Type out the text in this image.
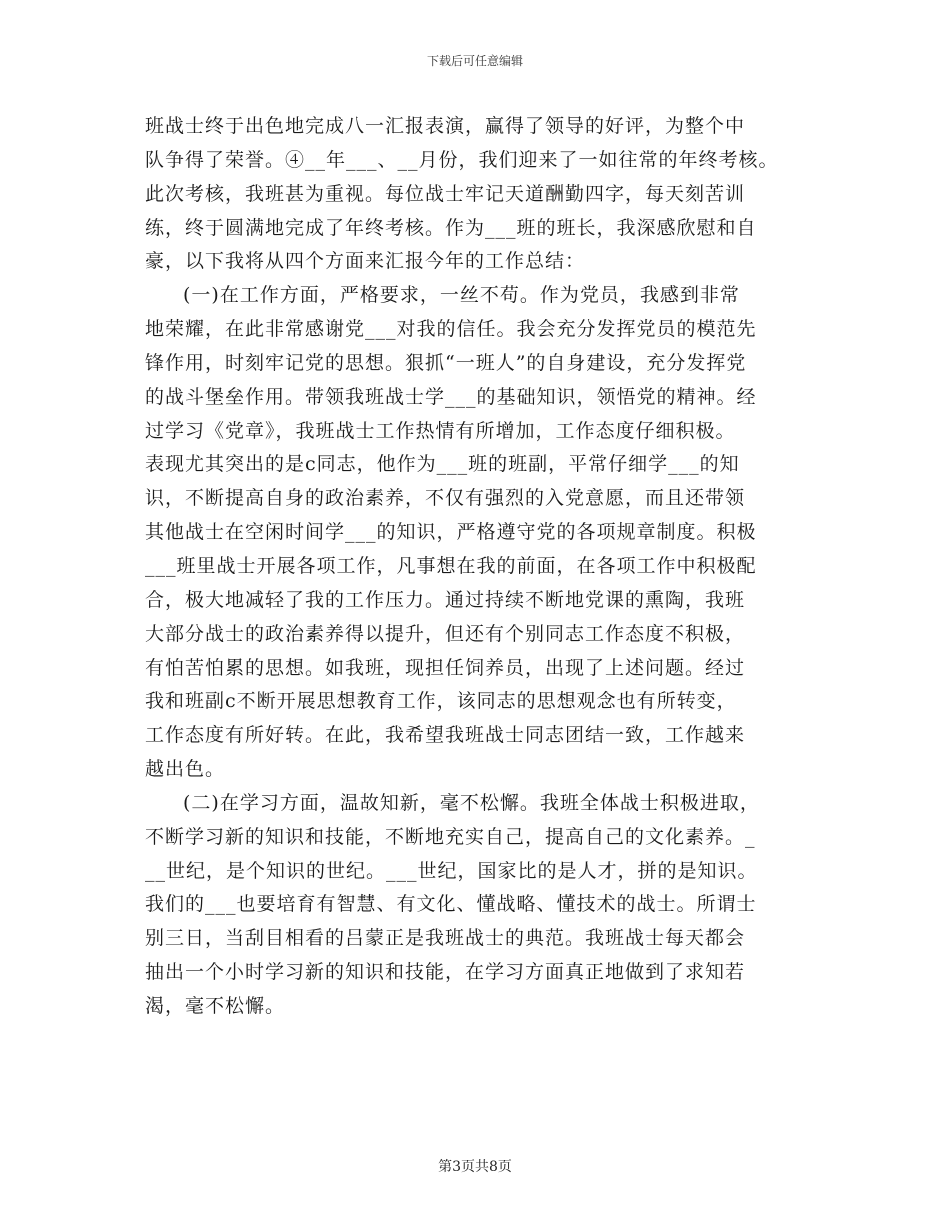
下载后可任意编辑
班战士终于出色地完成八一汇报表演，赢得了领导的好评，为整个中
队争得了荣誉。④__年___、__月份，我们迎来了一如往常的年终考核。
此次考核，我班甚为重视。每位战士牢记天道酬勤四字，每天刻苦训
练，终于圆满地完成了年终考核。作为___班的班长，我深感欣慰和自
豪，以下我将从四个方面来汇报今年的工作总结：
(一)在工作方面，严格要求，一丝不苟。作为党员，我感到非常
地荣耀，在此非常感谢党___对我的信任。我会充分发挥党员的模范先
锋作用，时刻牢记党的思想。狠抓“一班人”的自身建设，充分发挥党
的战斗堡垒作用。带领我班战士学___的基础知识，领悟党的精神。经
过学习《党章》，我班战士工作热情有所增加，工作态度仔细积极。
表现尤其突出的是c同志，他作为___班的班副，平常仔细学___的知
识，不断提高自身的政治素养，不仅有强烈的入党意愿，而且还带领
其他战士在空闲时间学___的知识，严格遵守党的各项规章制度。积极
___班里战士开展各项工作，凡事想在我的前面，在各项工作中积极配
合，极大地减轻了我的工作压力。通过持续不断地党课的熏陶，我班
大部分战士的政治素养得以提升，但还有个别同志工作态度不积极，
有怕苦怕累的思想。如我班，现担任饲养员，出现了上述问题。经过
我和班副c不断开展思想教育工作，该同志的思想观念也有所转变，
工作态度有所好转。在此，我希望我班战士同志团结一致，工作越来
越出色。
(二)在学习方面，温故知新，毫不松懈。我班全体战士积极进取，
不断学习新的知识和技能，不断地充实自己，提高自己的文化素养。_
__世纪，是个知识的世纪。___世纪，国家比的是人才，拼的是知识。
我们的___也要培育有智慧、有文化、懂战略、懂技术的战士。所谓士
别三日，当刮目相看的吕蒙正是我班战士的典范。我班战士每天都会
抽出一个小时学习新的知识和技能，在学习方面真正地做到了求知若
渴，毫不松懈。
第3页共8页
